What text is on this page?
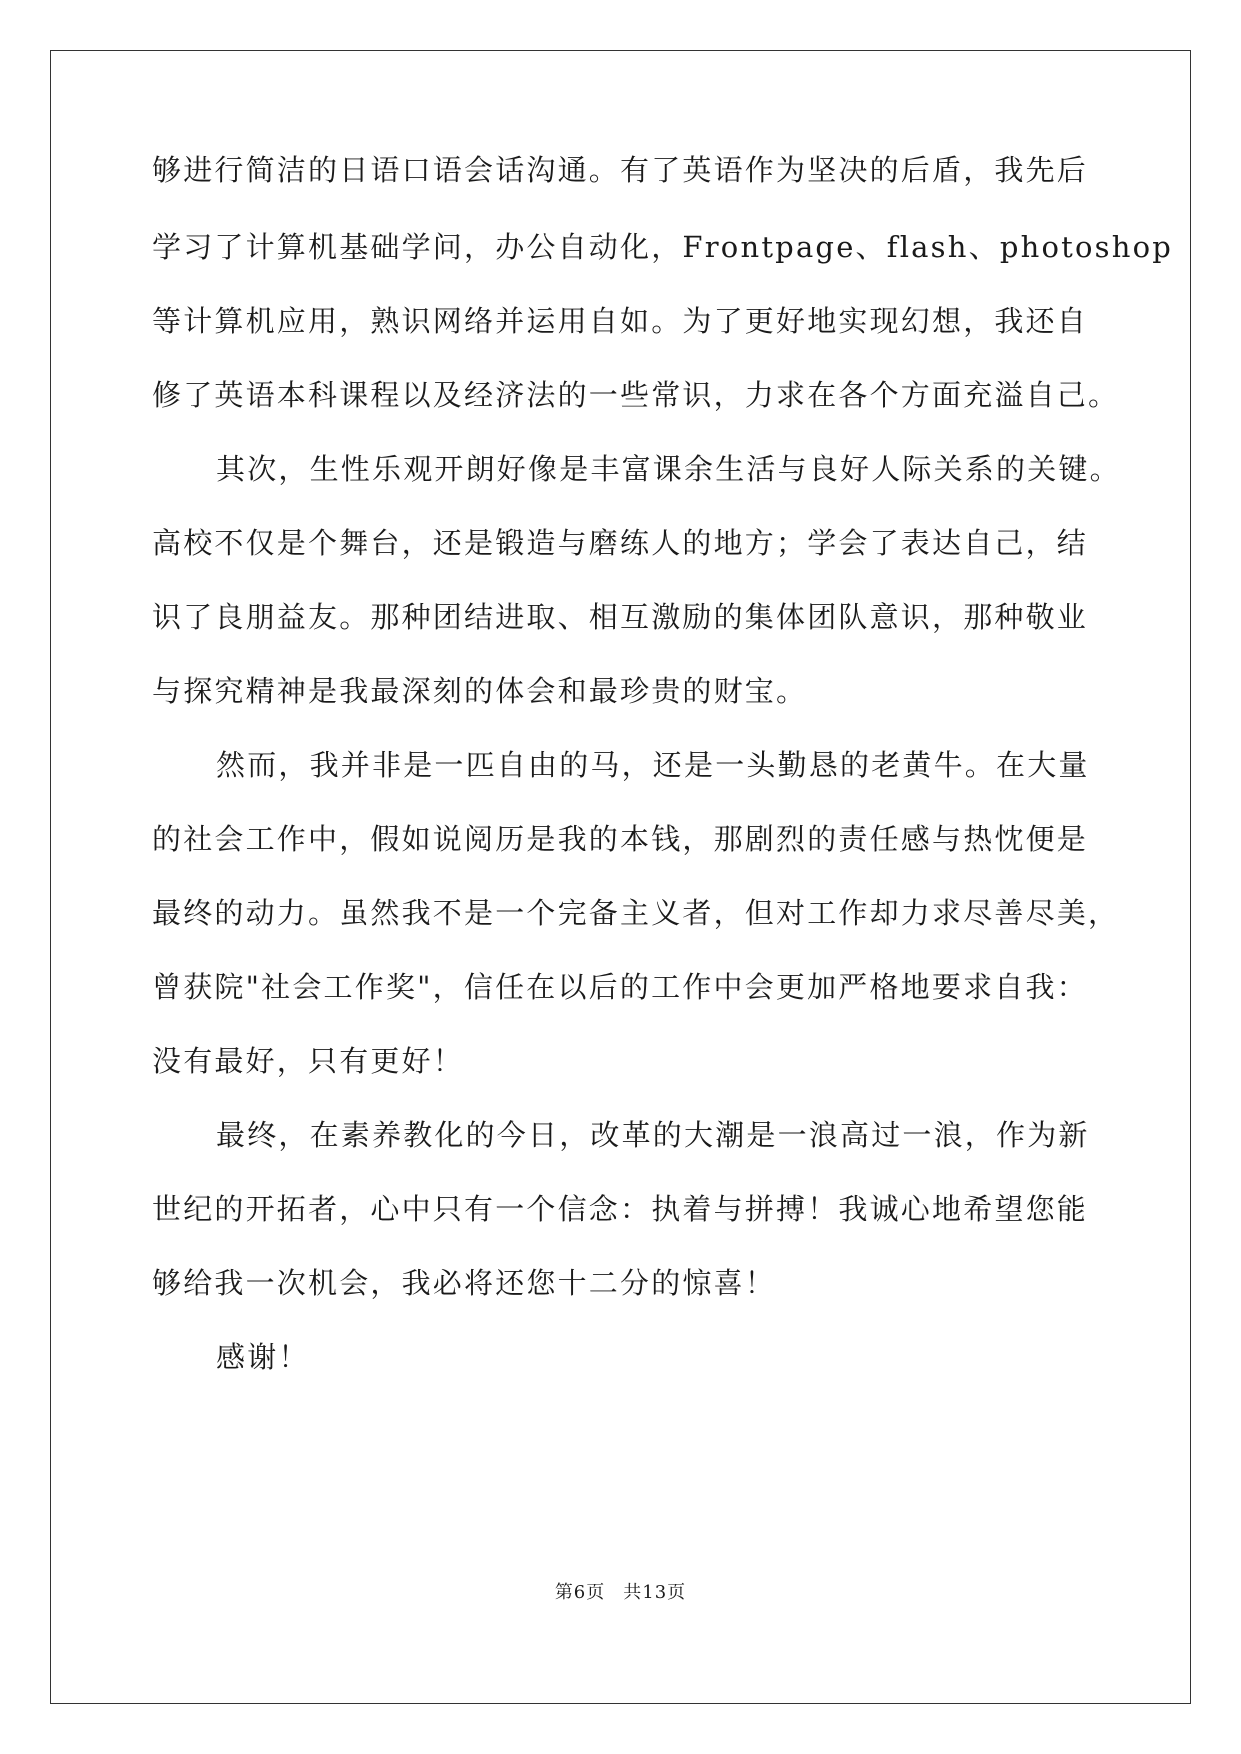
够进行简洁的日语口语会话沟通。有了英语作为坚决的后盾，我先后
学习了计算机基础学问，办公自动化，Frontpage、flash、photoshop
等计算机应用，熟识网络并运用自如。为了更好地实现幻想，我还自
修了英语本科课程以及经济法的一些常识，力求在各个方面充溢自己。
其次，生性乐观开朗好像是丰富课余生活与良好人际关系的关键。
高校不仅是个舞台，还是锻造与磨练人的地方；学会了表达自己，结
识了良朋益友。那种团结进取、相互激励的集体团队意识，那种敬业
与探究精神是我最深刻的体会和最珍贵的财宝。
然而，我并非是一匹自由的马，还是一头勤恳的老黄牛。在大量
的社会工作中，假如说阅历是我的本钱，那剧烈的责任感与热忱便是
最终的动力。虽然我不是一个完备主义者，但对工作却力求尽善尽美，
曾获院"社会工作奖"，信任在以后的工作中会更加严格地要求自我：
没有最好，只有更好！
最终，在素养教化的今日，改革的大潮是一浪高过一浪，作为新
世纪的开拓者，心中只有一个信念：执着与拼搏！我诚心地希望您能
够给我一次机会，我必将还您十二分的惊喜！
感谢！
第6页 共13页
